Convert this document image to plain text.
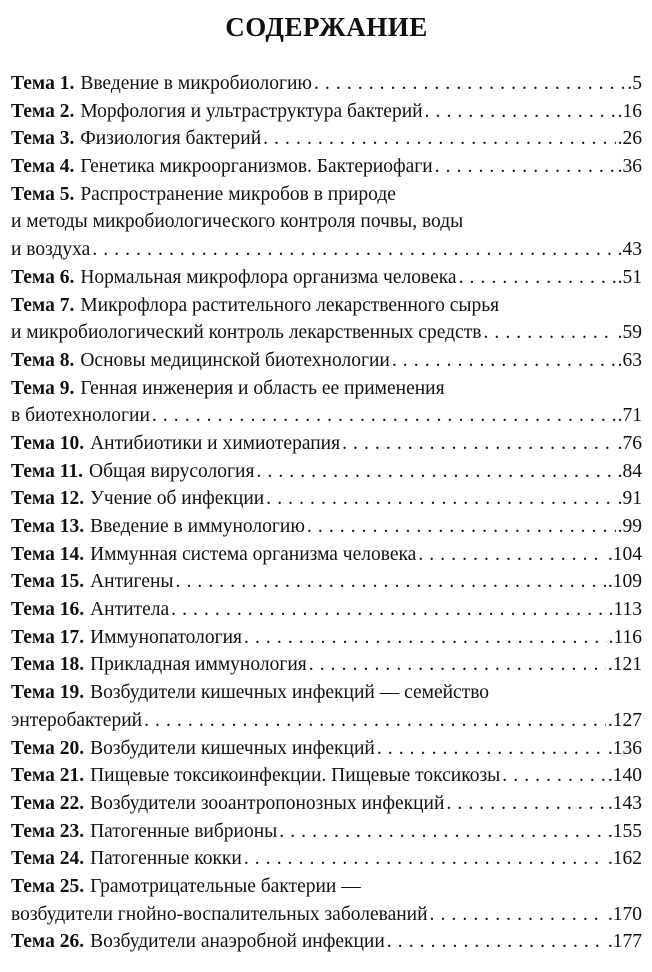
СОДЕРЖАНИЕ
Тема 1. Введение в микробиологию . . .	.5
Тема 2. Морфология и ультраструктура бактерий . . .	.16
Тема 3. Физиология бактерий . . .	.26
Тема 4. Генетика микроорганизмов. Бактериофаги . . .	.36
Тема 5. Распространение микробов в природе
и методы микробиологического контроля почвы, воды
и воздуха . . .	.43
Тема 6. Нормальная микрофлора организма человека . . .	.51
Тема 7. Микрофлора растительного лекарственного сырья
и микробиологический контроль лекарственных средств . . .	.59
Тема 8. Основы медицинской биотехнологии . . .	.63
Тема 9. Генная инженерия и область ее применения
в биотехнологии . . .	.71
Тема 10. Антибиотики и химиотерапия . . .	.76
Тема 11. Общая вирусология . . .	.84
Тема 12. Учение об инфекции . . .	.91
Тема 13. Введение в иммунологию . . .	.99
Тема 14. Иммунная система организма человека . . .	.104
Тема 15. Антигены . . .	.109
Тема 16. Антитела . . .	.113
Тема 17. Иммунопатология . . .	.116
Тема 18. Прикладная иммунология . . .	.121
Тема 19. Возбудители кишечных инфекций — семейство
энтеробактерий . . .	.127
Тема 20. Возбудители кишечных инфекций . . .	.136
Тема 21. Пищевые токсикоинфекции. Пищевые токсикозы . . .	.140
Тема 22. Возбудители зооантропонозных инфекций . . .	.143
Тема 23. Патогенные вибрионы . . .	.155
Тема 24. Патогенные кокки . . .	.162
Тема 25. Грамотрицательные бактерии —
возбудители гнойно-воспалительных заболеваний . . .	.170
Тема 26. Возбудители анаэробной инфекции . . .	.177
